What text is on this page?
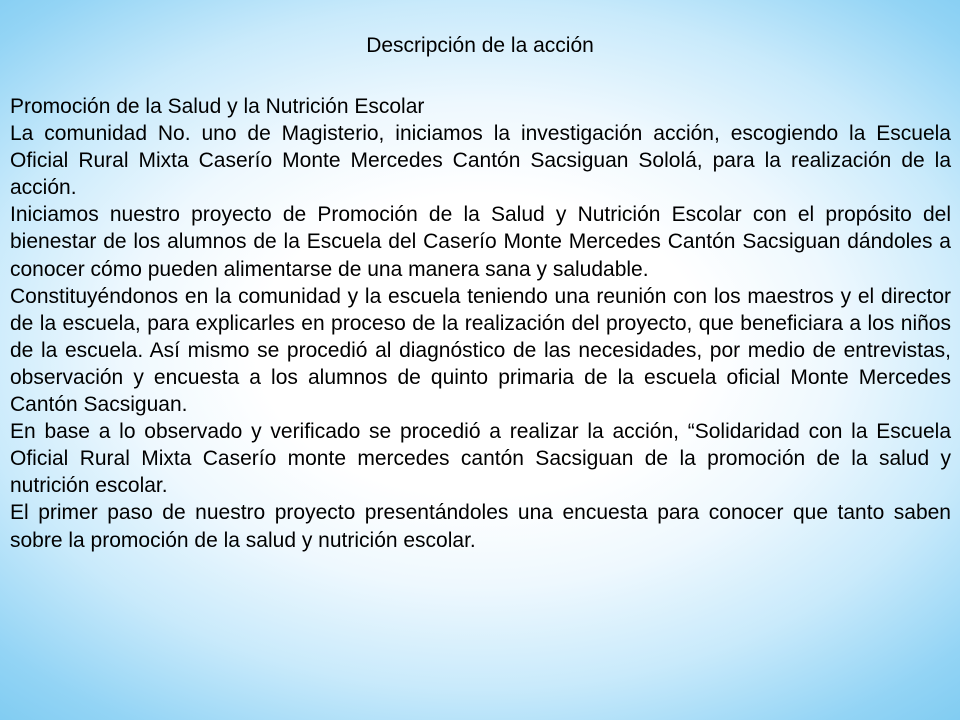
Descripción de la acción

Promoción de la Salud y la Nutrición Escolar

La comunidad No. uno de Magisterio, iniciamos la investigación acción, escogiendo la Escuela Oficial Rural Mixta Caserío Monte Mercedes Cantón Sacsiguan Sololá, para la realización de la acción.

Iniciamos nuestro proyecto de Promoción de la Salud y Nutrición Escolar con el propósito del bienestar de los alumnos de la Escuela del Caserío Monte Mercedes Cantón Sacsiguan dándoles a conocer cómo pueden alimentarse de una manera sana y saludable.

Constituyéndonos en la comunidad y la escuela teniendo una reunión con los maestros y el director de la escuela, para explicarles en proceso de la realización del proyecto, que beneficiara a los niños de la escuela. Así mismo se procedió al diagnóstico de las necesidades, por medio de entrevistas, observación y encuesta a los alumnos de quinto primaria de la escuela oficial Monte Mercedes Cantón Sacsiguan.

En base a lo observado y verificado se procedió a realizar la acción, “Solidaridad con la Escuela Oficial Rural Mixta Caserío monte mercedes cantón Sacsiguan de la promoción de la salud y nutrición escolar.

El primer paso de nuestro proyecto presentándoles una encuesta para conocer que tanto saben sobre la promoción de la salud y nutrición escolar.
